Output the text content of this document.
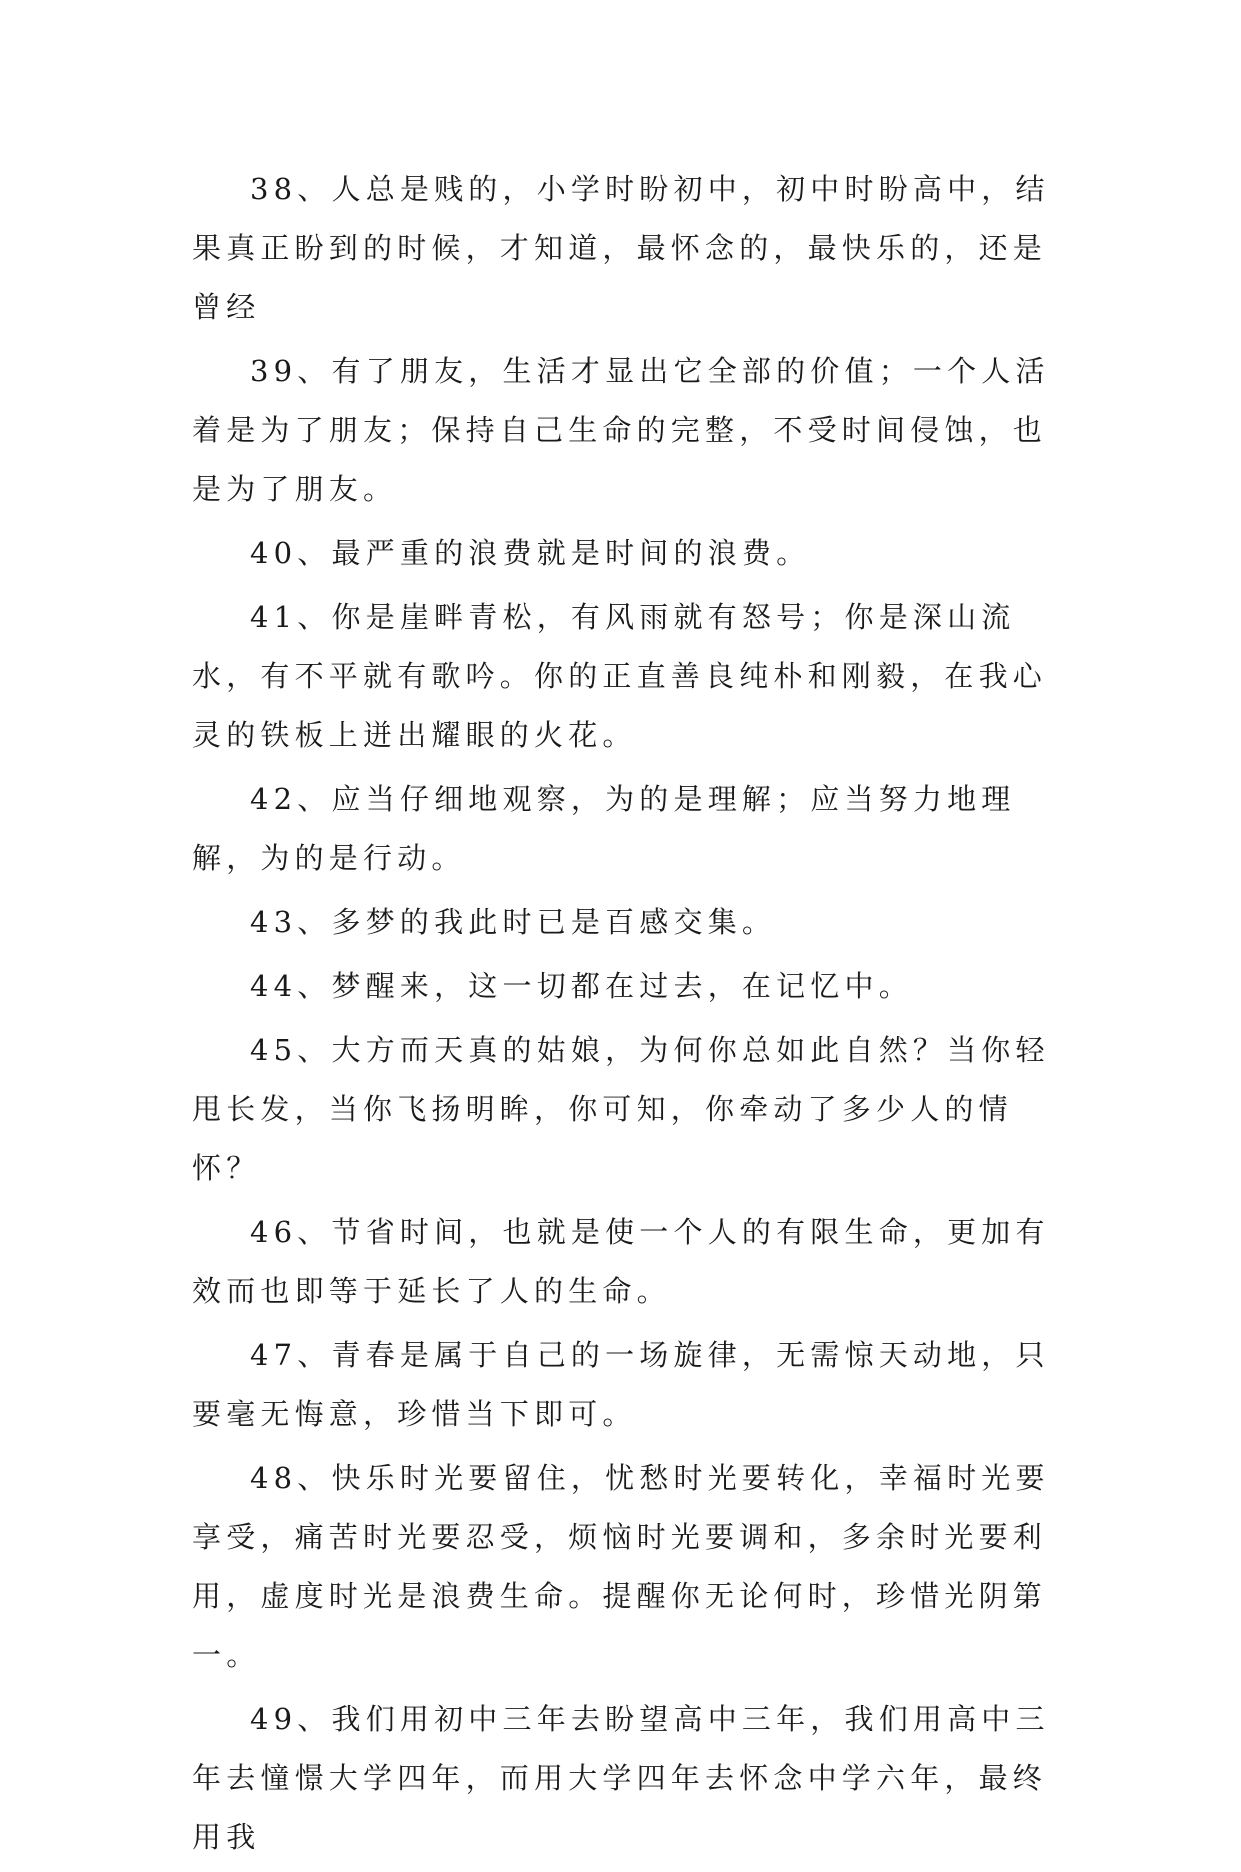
38、人总是贱的，小学时盼初中，初中时盼高中，结果真正盼到的时候，才知道，最怀念的，最快乐的，还是曾经

39、有了朋友，生活才显出它全部的价值；一个人活着是为了朋友；保持自己生命的完整，不受时间侵蚀，也是为了朋友。

40、最严重的浪费就是时间的浪费。

41、你是崖畔青松，有风雨就有怒号；你是深山流水，有不平就有歌吟。你的正直善良纯朴和刚毅，在我心灵的铁板上迸出耀眼的火花。

42、应当仔细地观察，为的是理解；应当努力地理解，为的是行动。

43、多梦的我此时已是百感交集。

44、梦醒来，这一切都在过去，在记忆中。

45、大方而天真的姑娘，为何你总如此自然？当你轻甩长发，当你飞扬明眸，你可知，你牵动了多少人的情怀？

46、节省时间，也就是使一个人的有限生命，更加有效而也即等于延长了人的生命。

47、青春是属于自己的一场旋律，无需惊天动地，只要毫无悔意，珍惜当下即可。

48、快乐时光要留住，忧愁时光要转化，幸福时光要享受，痛苦时光要忍受，烦恼时光要调和，多余时光要利用，虚度时光是浪费生命。提醒你无论何时，珍惜光阴第一。

49、我们用初中三年去盼望高中三年，我们用高中三年去憧憬大学四年，而用大学四年去怀念中学六年，最终用我
